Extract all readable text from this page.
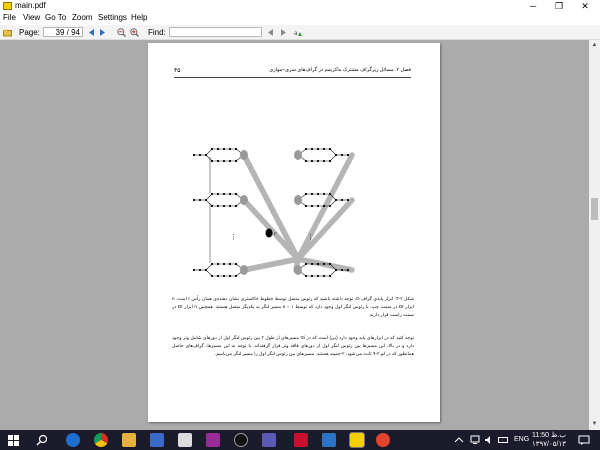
main.pdf	─	❐	✕
File View Go To Zoom Settings Help
Page:	39 / 94	Find:	a
▲
▼
فصل ۲. مسائل زیرگراف مشترک ماکزیمم در گراف‌های سری–موازی
۴۵
r
⋮	⋮
شکل ۲-۳: ابزار پایه‌ی گراف G، توجه داشته باشید که رئوس متصل توسط خطوط خاکستری نشان دهنده‌ی همان رأس r است. n ابزار Dr در سمت چپ، با رئوس لنگر اول وجود دارد که توسط n − ۱ مسیر لنگر به یکدیگر متصل هستند. همچنین n ابزار Dr در سمت راست قرار دارند.
توجه کنید که در ابزارهای پایه وجود دارد (بی) است که در Gi مسیرهای از طول ۲ بین رئوس لنگر اول از دورهای شامل وتر وجود دارد و در بالا، این مسیرها بین رئوس لنگر اول از دورهای فاقد وتر قرار گرفته‌اند. با توجه به این مسیرها، گراف‌های حاصل همانطور که در لم ۲-۹ ثابت می‌شود، ۲-جمیند هستند. مسیرهای بین رئوس لنگر اول را مسیر لنگر می‌نامیم.
ENG
11:50 ب.ظ
۱۳۹۷/۰۵/۱۳
